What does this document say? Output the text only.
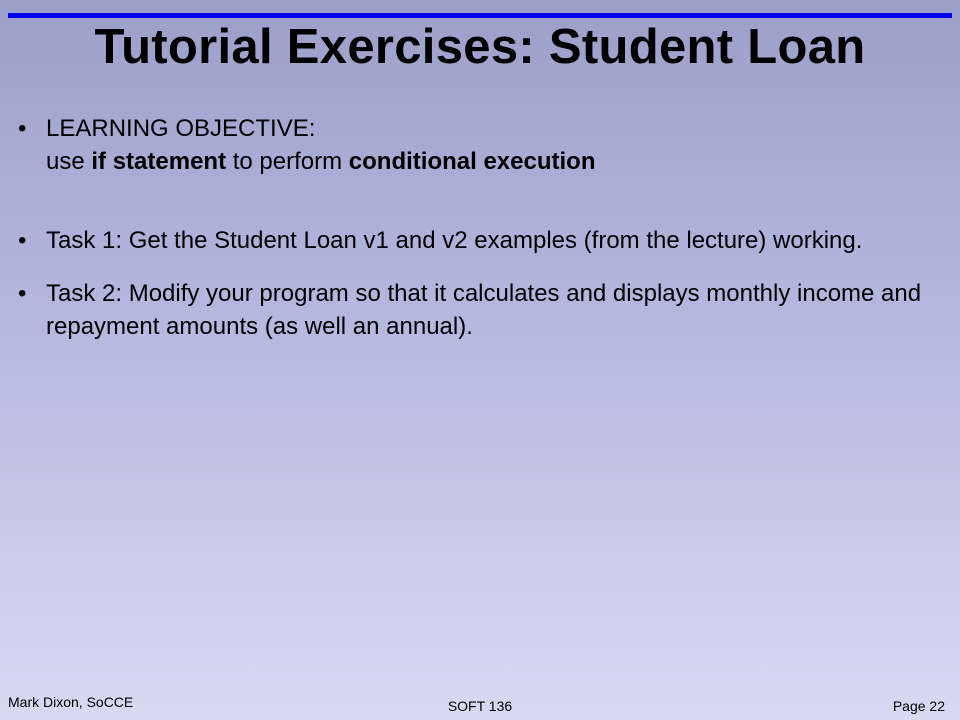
Tutorial Exercises: Student Loan
• LEARNING OBJECTIVE:
use if statement to perform conditional execution
• Task 1: Get the Student Loan v1 and v2 examples (from the lecture) working.
• Task 2: Modify your program so that it calculates and displays monthly income and repayment amounts (as well an annual).
Mark Dixon, SoCCE	SOFT 136	Page 22
